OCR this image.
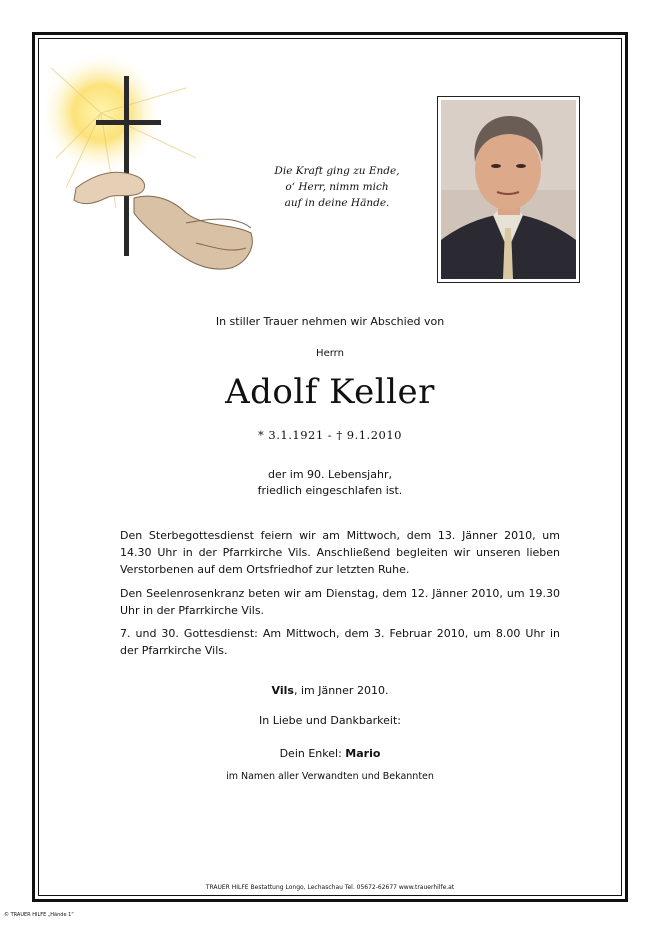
Die Kraft ging zu Ende,
o‘ Herr, nimm mich
auf in deine Hände.
In stiller Trauer nehmen wir Abschied von
Herrn
Adolf Keller
* 3.1.1921 - † 9.1.2010
der im 90. Lebensjahr,
friedlich eingeschlafen ist.
Den Sterbegottesdienst feiern wir am Mittwoch, dem 13. Jänner 2010, um 14.30 Uhr in der Pfarrkirche Vils. Anschließend begleiten wir unseren lieben Verstorbenen auf dem Ortsfriedhof zur letzten Ruhe.
Den Seelenrosenkranz beten wir am Dienstag, dem 12. Jänner 2010, um 19.30 Uhr in der Pfarrkirche Vils.
7. und 30. Gottesdienst: Am Mittwoch, dem 3. Februar 2010, um 8.00 Uhr in der Pfarrkirche Vils.
Vils, im Jänner 2010.
In Liebe und Dankbarkeit:
Dein Enkel: Mario
im Namen aller Verwandten und Bekannten
TRAUER HILFE Bestattung Longo, Lechaschau Tel. 05672-62677 www.trauerhilfe.at
© TRAUER HILFE „Hände 1“
